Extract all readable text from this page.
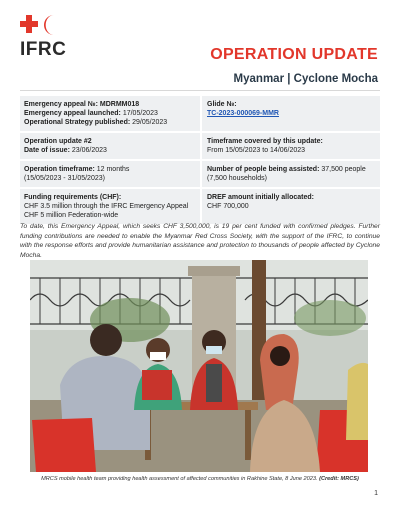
IFRC	OPERATION UPDATE
Myanmar | Cyclone Mocha
Emergency appeal №: MDRMM018
Emergency appeal launched: 17/05/2023
Operational Strategy published: 29/05/2023
Glide №:
TC-2023-000069-MMR
Operation update #2
Date of issue: 23/06/2023
Timeframe covered by this update:
From 15/05/2023 to 14/06/2023
Operation timeframe: 12 months
(15/05/2023 - 31/05/2023)
Number of people being assisted: 37,500 people (7,500 households)
Funding requirements (CHF):
CHF 3.5 million through the IFRC Emergency Appeal
CHF 5 million Federation-wide
DREF amount initially allocated:
CHF 700,000

To date, this Emergency Appeal, which seeks CHF 3,500,000, is 19 per cent funded with confirmed pledges. Further funding contributions are needed to enable the Myanmar Red Cross Society, with the support of the IFRC, to continue with the response efforts and provide humanitarian assistance and protection to thousands of people affected by Cyclone Mocha.

MRCS mobile health team providing health assessment of affected communities in Rakhine State, 8 June 2023. (Credit: MRCS)
1
